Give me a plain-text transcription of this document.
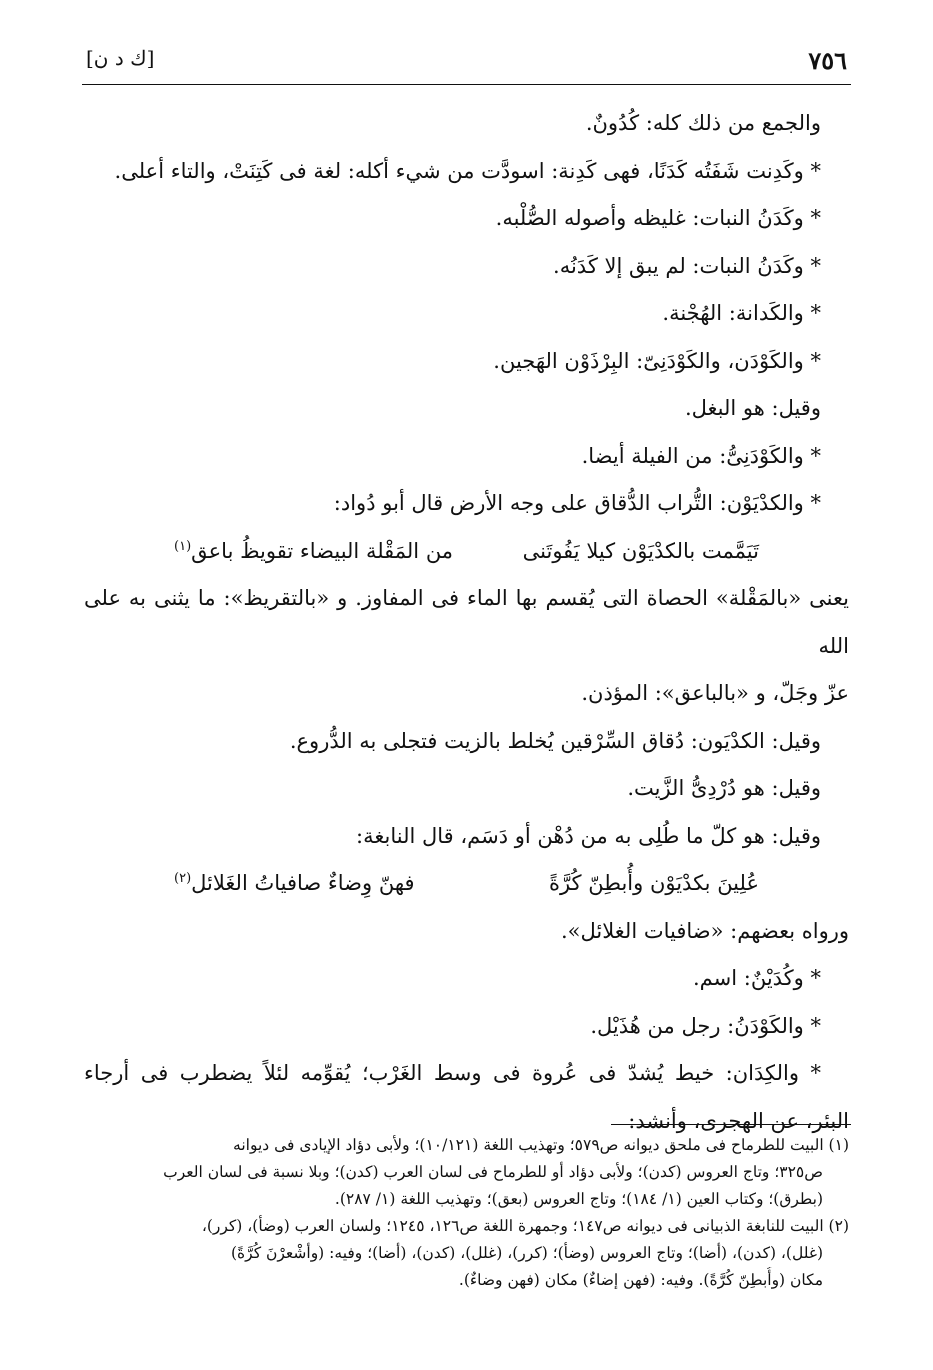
٧٥٦
[ك د ن]
والجمع من ذلك كله: كُدُونٌ.
* وكَدِنت شَفَتُه كَدَنًا، فهى كَدِنة: اسودَّت من شيء أكله: لغة فى كَتِنَتْ، والتاء أعلى.
* وكَدَنُ النبات: غليظه وأصوله الصُّلْبه.
* وكَدَنُ النبات: لم يبق إلا كَدَنُه.
* والكَدانة: الهُجْنة.
* والكَوْدَن، والكَوْدَنِىّ: البِرْذَوْن الهَجين.
وقيل: هو البغل.
* والكَوْدَنِىُّ: من الفيلة أيضا.
* والكدْيَوْن: التُّراب الدُّقاق على وجه الأرض قال أبو دُواد:
تَيَمَّمت بالكدْيَوْن كيلا يَفُوتَنى
من المَقْلة البيضاء تقويظُ باعق$^{(١)}$
يعنى «بالمَقْلة» الحصاة التى يُقسم بها الماء فى المفاوز. و «بالتقريظ»: ما يثنى به على الله
عزّ وجَلّ، و «بالباعق»: المؤذن.
وقيل: الكدْيَون: دُقاق السِّرْقين يُخلط بالزيت فتجلى به الدُّروع.
وقيل: هو دُرْدِىُّ الزَّيت.
وقيل: هو كلّ ما طُلِى به من دُهْن أو دَسَم، قال النابغة:
عُلِينَ بكدْيَوْن وأُبطِنّ كُرَّةً
فهنّ وِضاءٌ صافياتُ الغَلائل$^{(٢)}$
ورواه بعضهم: «ضافيات الغلائل».
* وكُدَيْنٌ: اسم.
* والكَوْدَنُ: رجل من هُذَيْل.
* والكِدَان: خيط يُشدّ فى عُروة فى وسط الغَرْب؛ يُقوِّمه لئلاً يضطرب فى أرجاء
البئر، عن الهجرى، وأنشد:
(١) البيت للطرماح فى ملحق ديوانه ص٥٧٩؛ وتهذيب اللغة (١٠/١٢١)؛ ولأبى دؤاد الإيادى فى ديوانه
ص٣٢٥؛ وتاج العروس (كدن)؛ ولأبى دؤاد أو للطرماح فى لسان العرب (كدن)؛ وبلا نسبة فى لسان العرب
(بطرق)؛ وكتاب العين (١/ ١٨٤)؛ وتاج العروس (بعق)؛ وتهذيب اللغة (١/ ٢٨٧).
(٢) البيت للنابغة الذبيانى فى ديوانه ص١٤٧؛ وجمهرة اللغة ص١٢٦، ١٢٤٥؛ ولسان العرب (وضأ)، (كرر)،
(غلل)، (كدن)، (أضا)؛ وتاج العروس (وضأ)؛ (كرر)، (غلل)، (كدن)، (أضا)؛ وفيه: (وأشْعرْنَ كُرَّةً)
مكان (وأُبطِنّ كُرَّةً). وفيه: (فهن إضاءٌ) مكان (فهن وضاءٌ).
